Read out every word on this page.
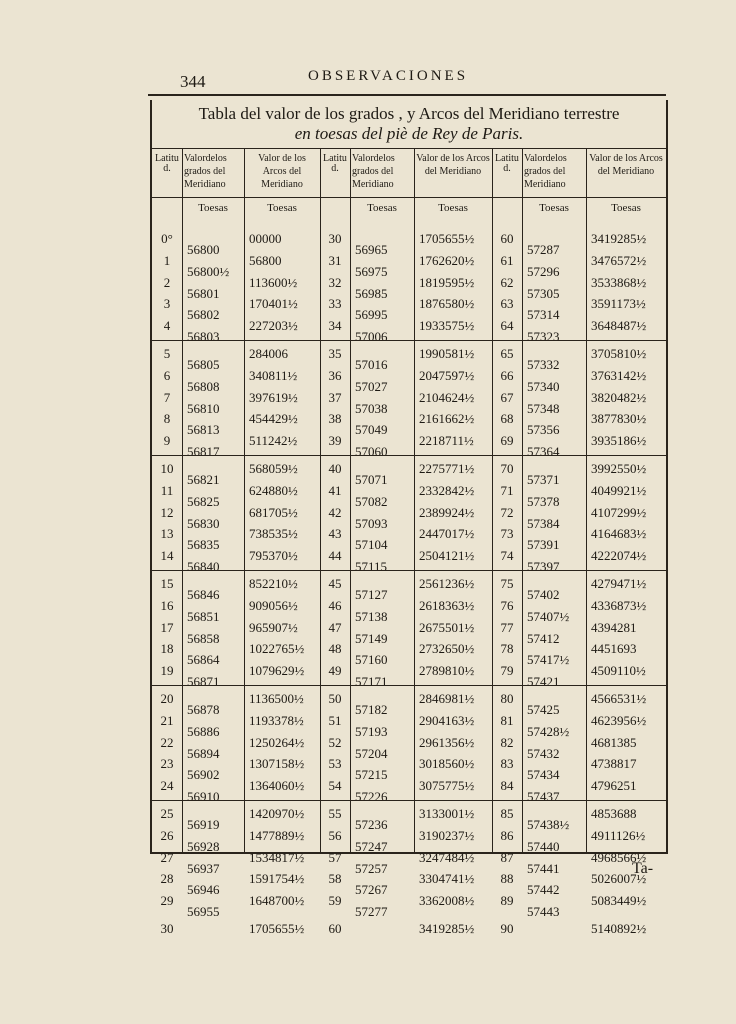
344	OBSERVACIONES
Tabla del valor de los grados , y Arcos del Meridiano terrestre
en toesas del piè de Rey de Paris.
Latitud.
0°
1
2
3
4
5
6
7
8
9
10
11
12
13
14
15
16
17
18
19
20
21
22
23
24
25
26
27
28
29
30
Valordelos grados del Meridiano
Toesas
56800
56800½
56801
56802
56803
56805
56808
56810
56813
56817
56821
56825
56830
56835
56840
56846
56851
56858
56864
56871
56878
56886
56894
56902
56910
56919
56928
56937
56946
56955
Valor de los Arcos del Meridiano
Toesas
00000
56800
113600½
170401½
227203½
284006
340811½
397619½
454429½
511242½
568059½
624880½
681705½
738535½
795370½
852210½
909056½
965907½
1022765½
1079629½
1136500½
1193378½
1250264½
1307158½
1364060½
1420970½
1477889½
1534817½
1591754½
1648700½
1705655½
Latitud.
30
31
32
33
34
35
36
37
38
39
40
41
42
43
44
45
46
47
48
49
50
51
52
53
54
55
56
57
58
59
60
Valordelos grados del Meridiano
Toesas
56965
56975
56985
56995
57006
57016
57027
57038
57049
57060
57071
57082
57093
57104
57115
57127
57138
57149
57160
57171
57182
57193
57204
57215
57226
57236
57247
57257
57267
57277
Valor de los Arcos del Meridiano
Toesas
1705655½
1762620½
1819595½
1876580½
1933575½
1990581½
2047597½
2104624½
2161662½
2218711½
2275771½
2332842½
2389924½
2447017½
2504121½
2561236½
2618363½
2675501½
2732650½
2789810½
2846981½
2904163½
2961356½
3018560½
3075775½
3133001½
3190237½
3247484½
3304741½
3362008½
3419285½
Latitud.
60
61
62
63
64
65
66
67
68
69
70
71
72
73
74
75
76
77
78
79
80
81
82
83
84
85
86
87
88
89
90
Valordelos grados del Meridiano
Toesas
57287
57296
57305
57314
57323
57332
57340
57348
57356
57364
57371
57378
57384
57391
57397
57402
57407½
57412
57417½
57421
57425
57428½
57432
57434
57437
57438½
57440
57441
57442
57443
Valor de los Arcos del Meridiano
Toesas
3419285½
3476572½
3533868½
3591173½
3648487½
3705810½
3763142½
3820482½
3877830½
3935186½
3992550½
4049921½
4107299½
4164683½
4222074½
4279471½
4336873½
4394281
4451693
4509110½
4566531½
4623956½
4681385
4738817
4796251
4853688
4911126½
4968566½
5026007½
5083449½
5140892½
Ta-
